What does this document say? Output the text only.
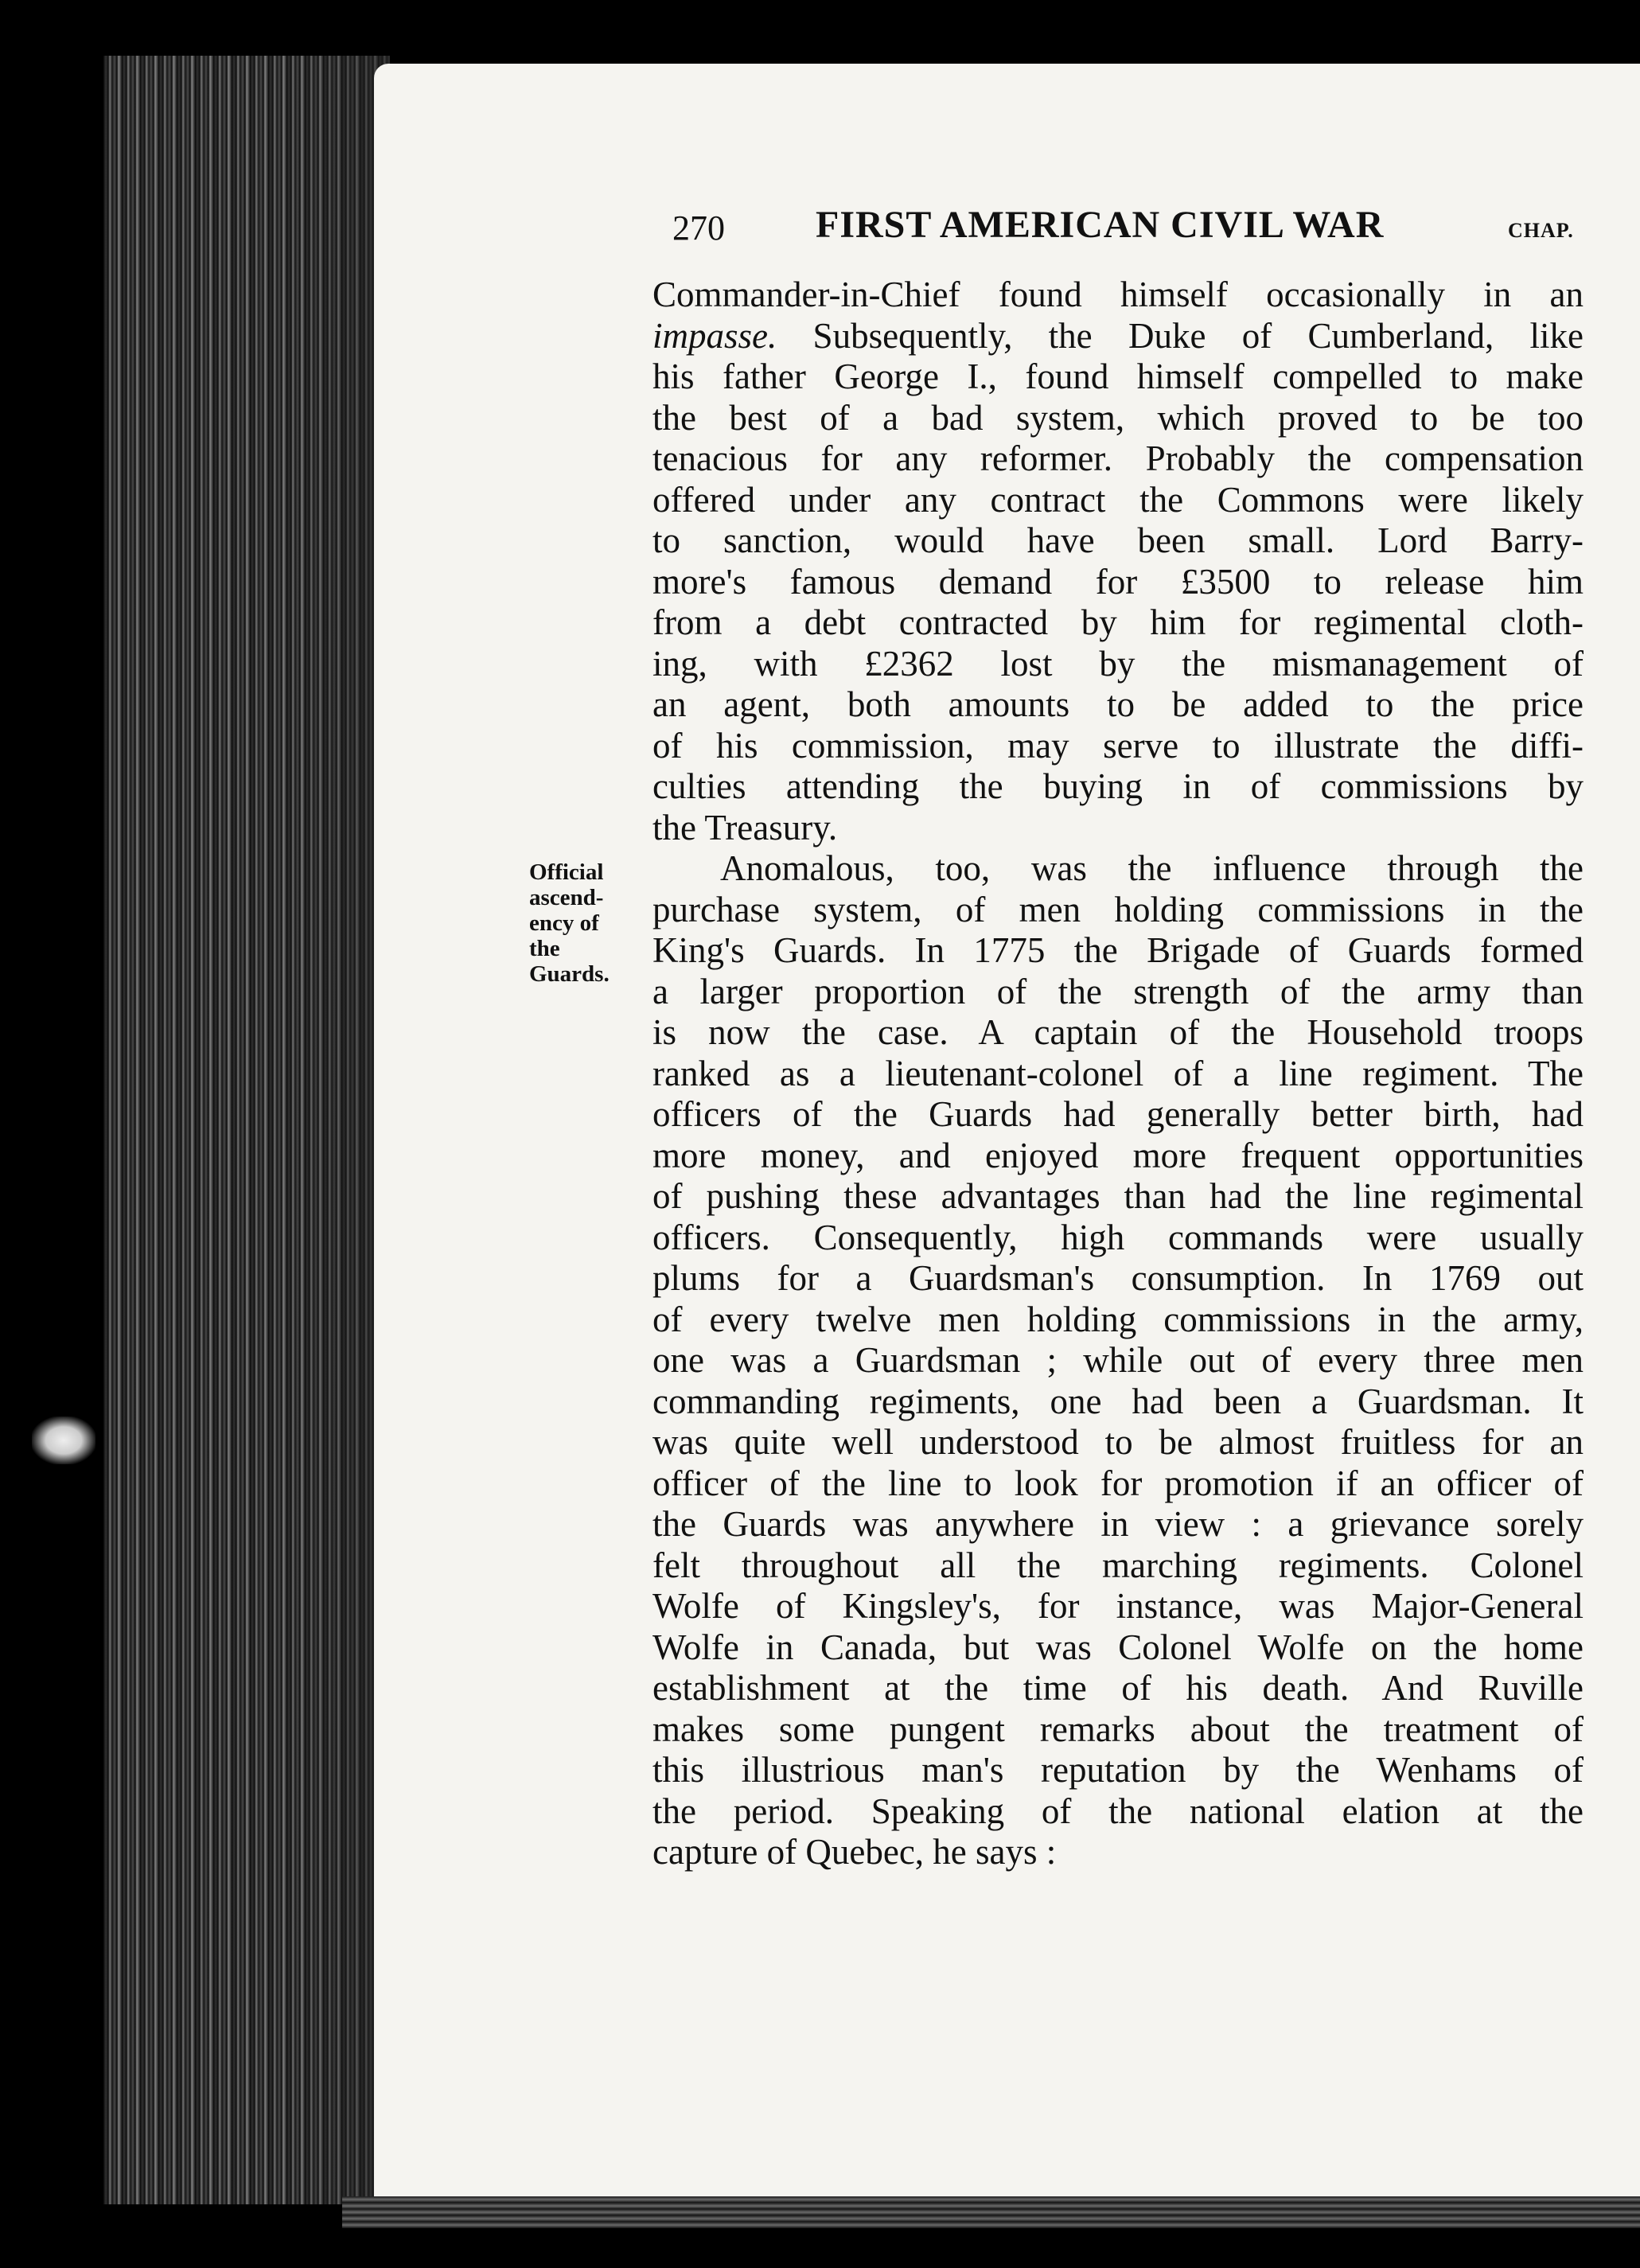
270 FIRST AMERICAN CIVIL WAR	CHAP.
Official
ascend-
ency of
the
Guards.
Commander-in-Chief found himself occasionally in an
impasse. Subsequently, the Duke of Cumberland, like
his father George I., found himself compelled to make
the best of a bad system, which proved to be too
tenacious for any reformer. Probably the compensation
offered under any contract the Commons were likely
to sanction, would have been small. Lord Barry-
more's famous demand for £3500 to release him
from a debt contracted by him for regimental cloth-
ing, with £2362 lost by the mismanagement of
an agent, both amounts to be added to the price
of his commission, may serve to illustrate the diffi-
culties attending the buying in of commissions by
the Treasury.
Anomalous, too, was the influence through the
purchase system, of men holding commissions in the
King's Guards. In 1775 the Brigade of Guards formed
a larger proportion of the strength of the army than
is now the case. A captain of the Household troops
ranked as a lieutenant-colonel of a line regiment. The
officers of the Guards had generally better birth, had
more money, and enjoyed more frequent opportunities
of pushing these advantages than had the line regimental
officers. Consequently, high commands were usually
plums for a Guardsman's consumption. In 1769 out
of every twelve men holding commissions in the army,
one was a Guardsman ; while out of every three men
commanding regiments, one had been a Guardsman. It
was quite well understood to be almost fruitless for an
officer of the line to look for promotion if an officer of
the Guards was anywhere in view : a grievance sorely
felt throughout all the marching regiments. Colonel
Wolfe of Kingsley's, for instance, was Major-General
Wolfe in Canada, but was Colonel Wolfe on the home
establishment at the time of his death. And Ruville
makes some pungent remarks about the treatment of
this illustrious man's reputation by the Wenhams of
the period. Speaking of the national elation at the
capture of Quebec, he says :
